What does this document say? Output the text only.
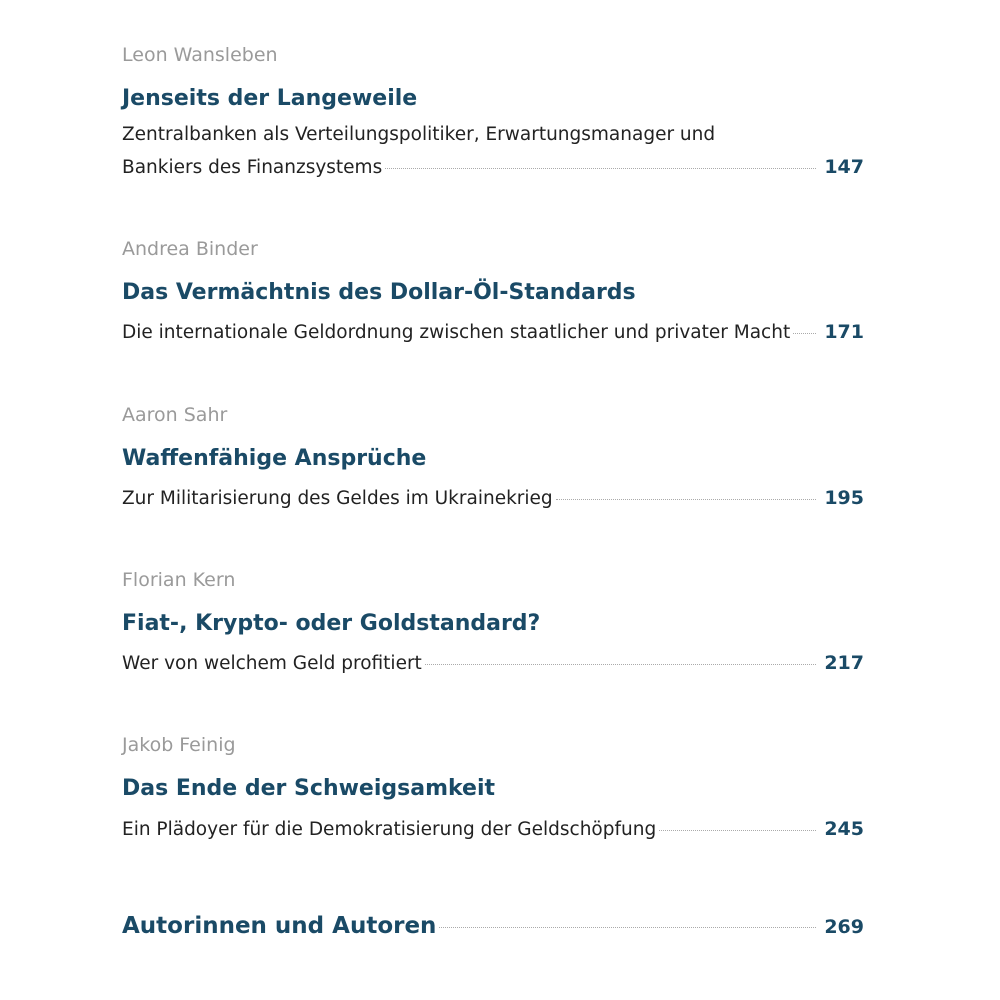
Leon Wansleben
Jenseits der Langeweile
Zentralbanken als Verteilungspolitiker, Erwartungsmanager und
Bankiers des Finanzsystems	147
Andrea Binder
Das Vermächtnis des Dollar-Öl-Standards
Die internationale Geldordnung zwischen staatlicher und privater Macht 171
Aaron Sahr
Waffenfähige Ansprüche
Zur Militarisierung des Geldes im Ukrainekrieg	195
Florian Kern
Fiat-, Krypto- oder Goldstandard?
Wer von welchem Geld profitiert	217
Jakob Feinig
Das Ende der Schweigsamkeit
Ein Plädoyer für die Demokratisierung der Geldschöpfung	245
Autorinnen und Autoren	269
